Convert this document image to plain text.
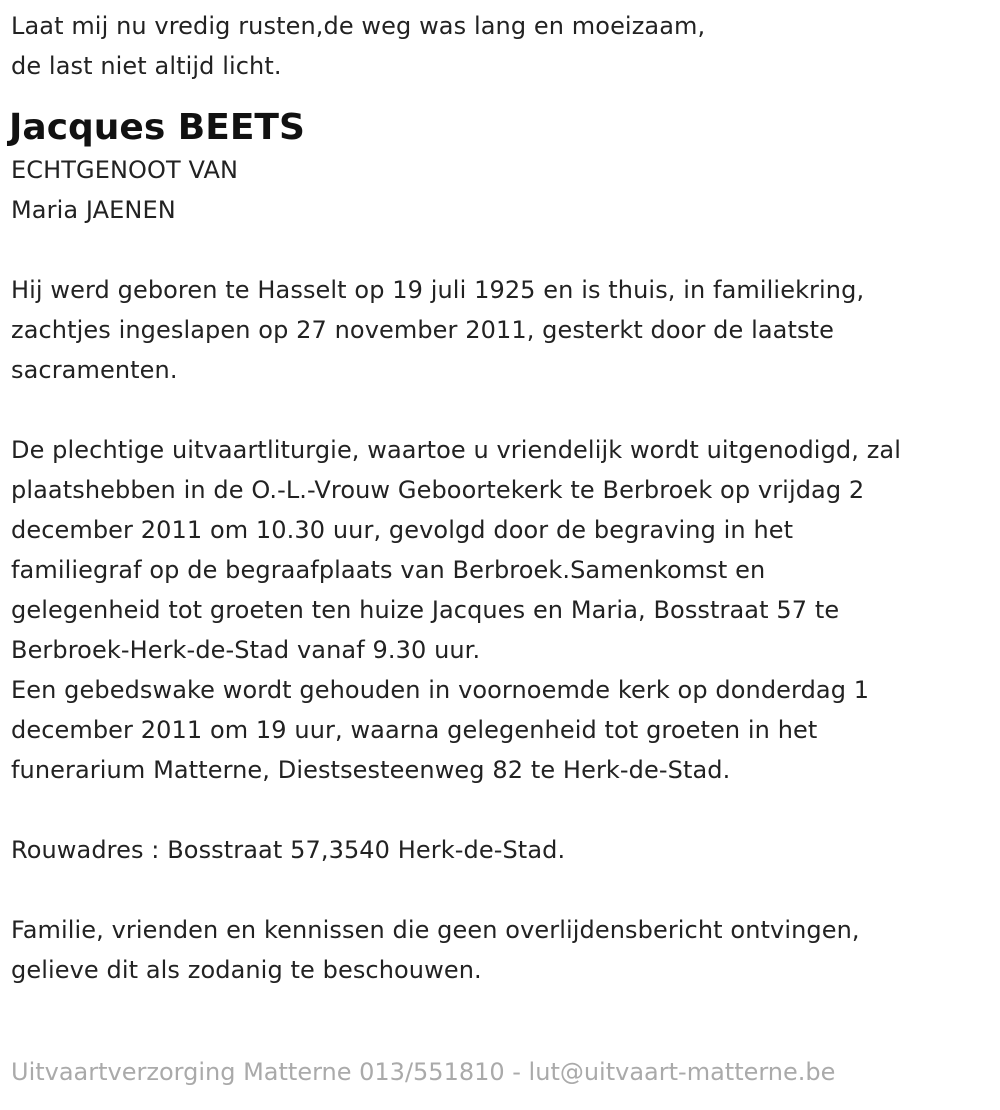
Laat mij nu vredig rusten,de weg was lang en moeizaam,
de last niet altijd licht.
Jacques BEETS
ECHTGENOOT VAN
Maria JAENEN
Hij werd geboren te Hasselt op 19 juli 1925 en is thuis, in familiekring,
zachtjes ingeslapen op 27 november 2011, gesterkt door de laatste
sacramenten.
De plechtige uitvaartliturgie, waartoe u vriendelijk wordt uitgenodigd, zal
plaatshebben in de O.-L.-Vrouw Geboortekerk te Berbroek op vrijdag 2
december 2011 om 10.30 uur, gevolgd door de begraving in het
familiegraf op de begraafplaats van Berbroek.Samenkomst en
gelegenheid tot groeten ten huize Jacques en Maria, Bosstraat 57 te
Berbroek-Herk-de-Stad vanaf 9.30 uur.
Een gebedswake wordt gehouden in voornoemde kerk op donderdag 1
december 2011 om 19 uur, waarna gelegenheid tot groeten in het
funerarium Matterne, Diestsesteenweg 82 te Herk-de-Stad.
Rouwadres : Bosstraat 57,3540 Herk-de-Stad.
Familie, vrienden en kennissen die geen overlijdensbericht ontvingen,
gelieve dit als zodanig te beschouwen.
Uitvaartverzorging Matterne 013/551810 - lut@uitvaart-matterne.be
